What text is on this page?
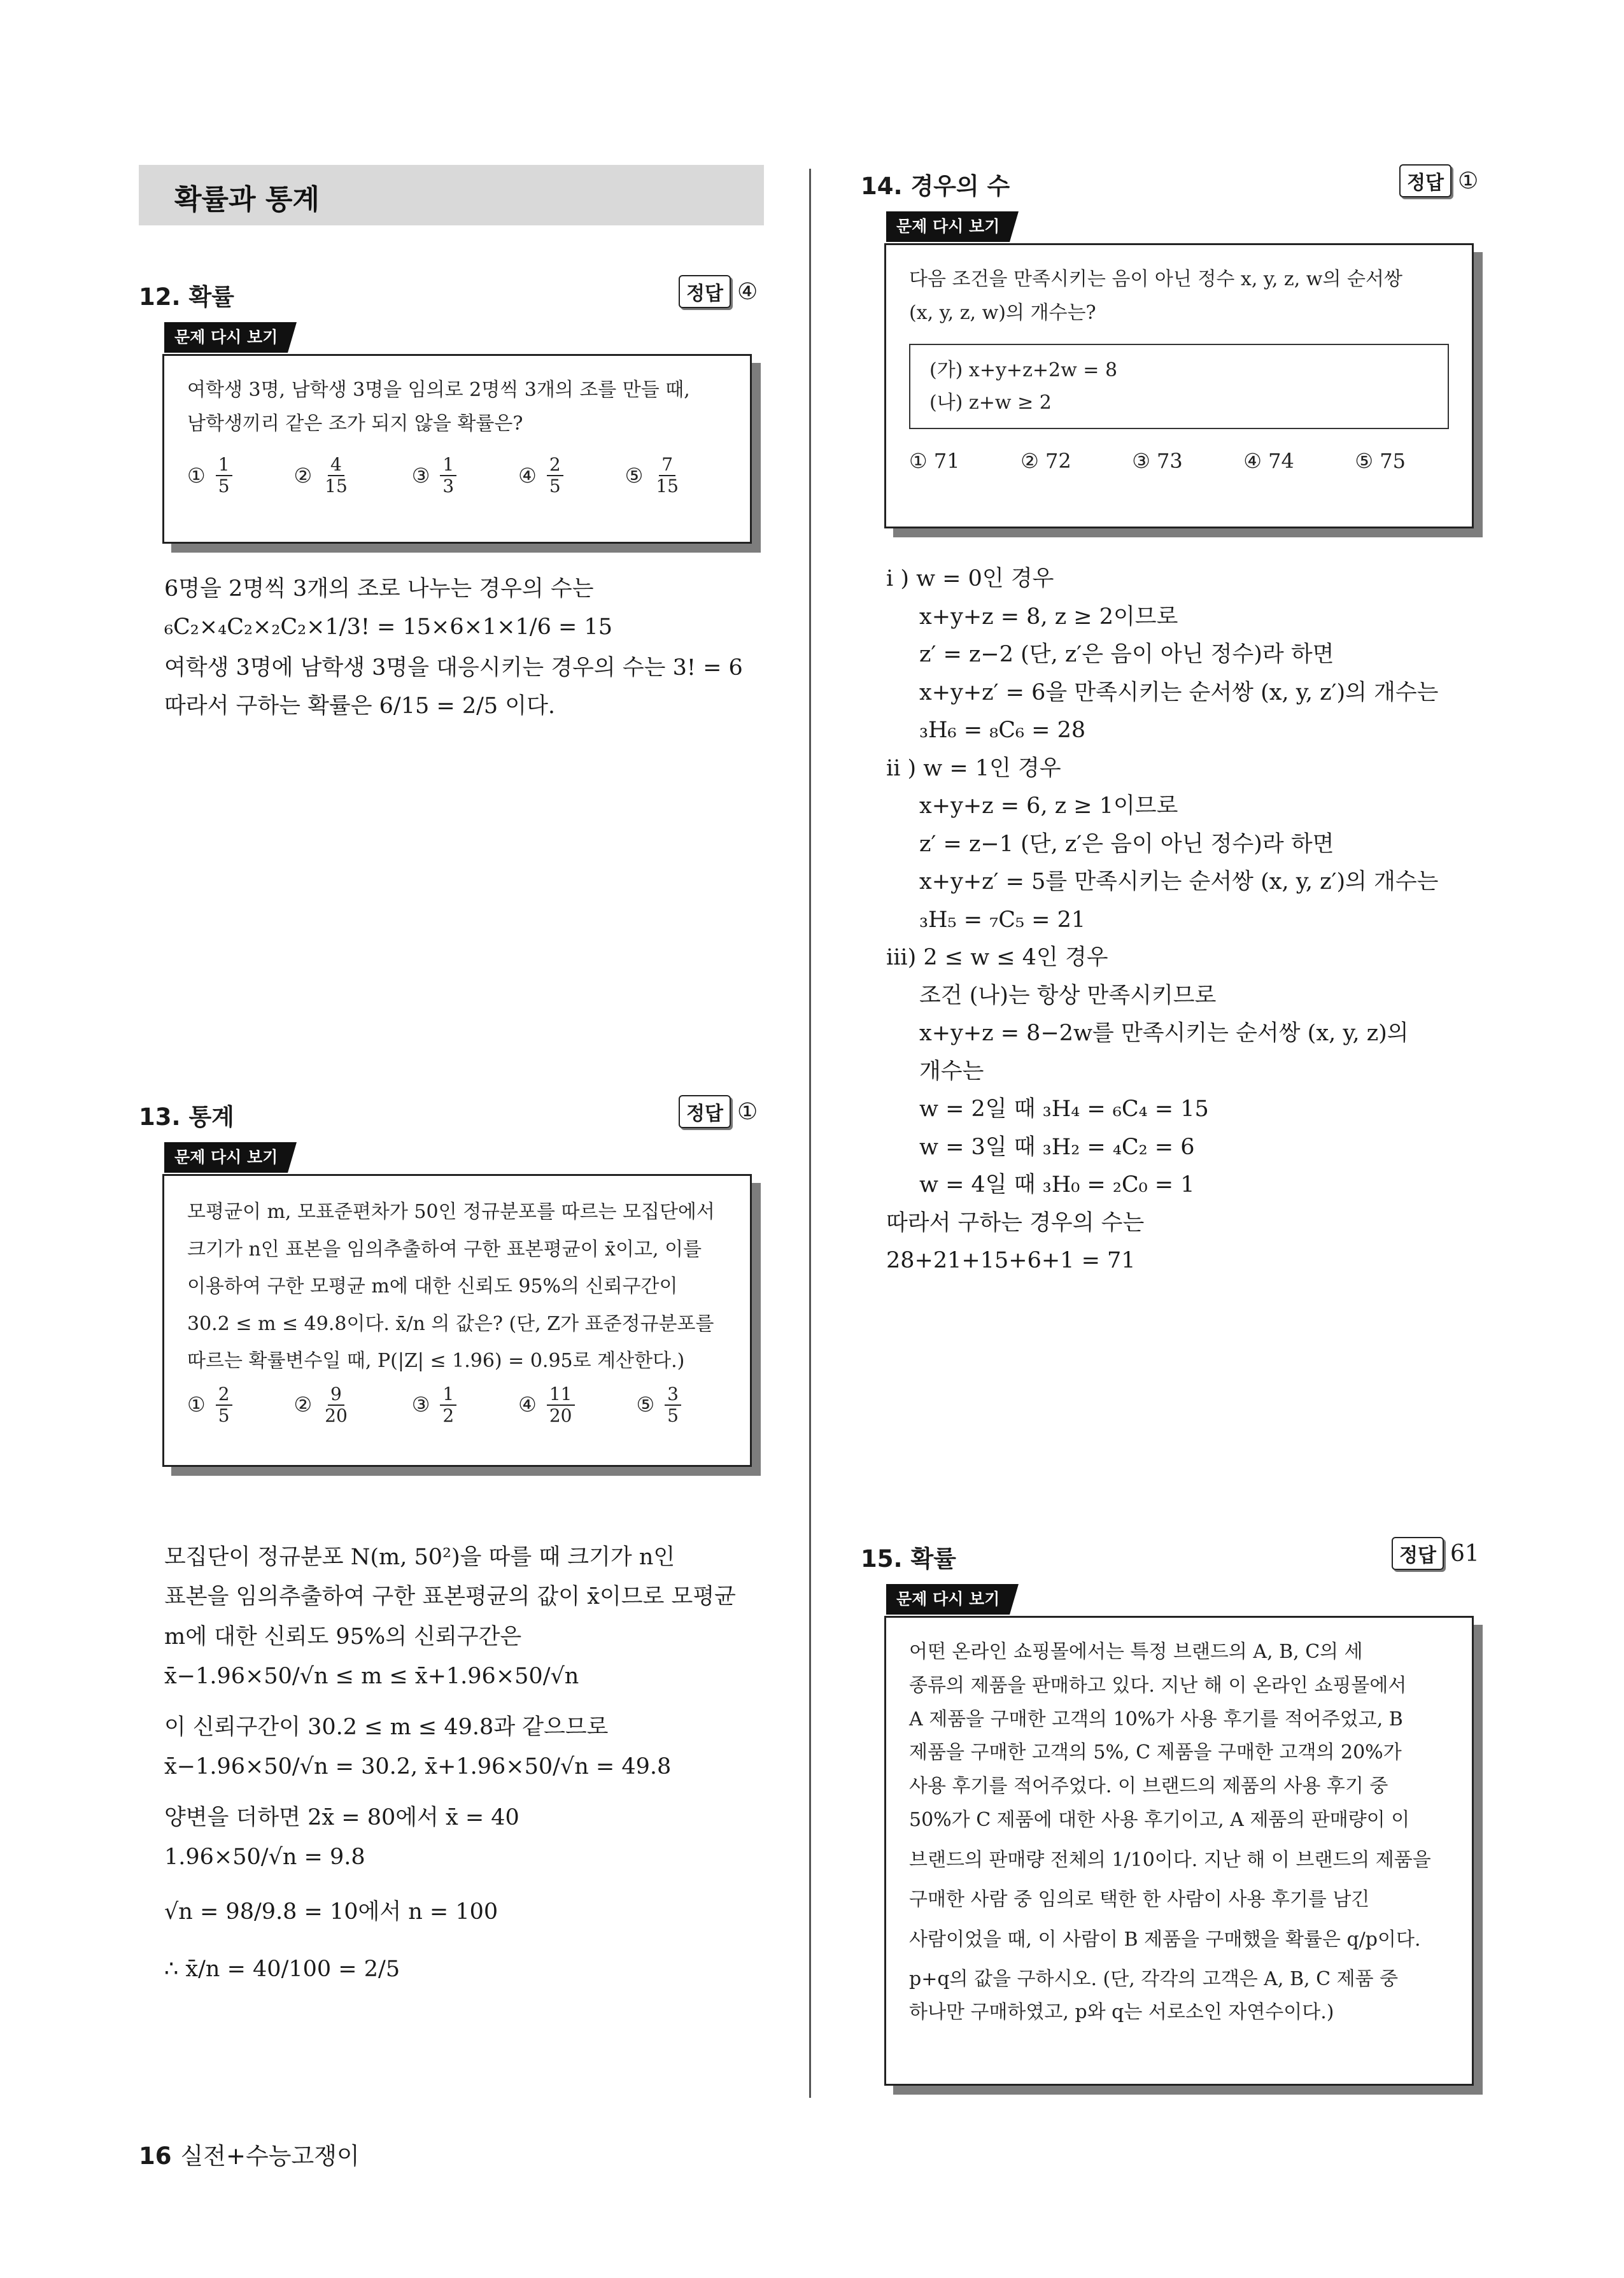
확률과 통계
12. 확률	정답 ④
문제 다시 보기
여학생 3명, 남학생 3명을 임의로 2명씩 3개의 조를 만들 때,
남학생끼리 같은 조가 되지 않을 확률은?
① $\frac{1}{5}$	② $\frac{4}{15}$	③ $\frac{1}{3}$	④ $\frac{2}{5}$	⑤ $\frac{7}{15}$
6명을 2명씩 3개의 조로 나누는 경우의 수는
₆C₂×₄C₂×₂C₂×1/3! = 15×6×1×1/6 = 15
여학생 3명에 남학생 3명을 대응시키는 경우의 수는 3! = 6
따라서 구하는 확률은 6/15 = 2/5 이다.
13. 통계	정답 ①
문제 다시 보기
모평균이 m, 모표준편차가 50인 정규분포를 따르는 모집단에서
크기가 n인 표본을 임의추출하여 구한 표본평균이 x̄이고, 이를
이용하여 구한 모평균 m에 대한 신뢰도 95%의 신뢰구간이
30.2 ≤ m ≤ 49.8이다. x̄/n 의 값은? (단, Z가 표준정규분포를
따르는 확률변수일 때, P(|Z| ≤ 1.96) = 0.95로 계산한다.)
① $\frac{2}{5}$	② $\frac{9}{20}$	③ $\frac{1}{2}$	④ $\frac{11}{20}$	⑤ $\frac{3}{5}$
모집단이 정규분포 N(m, 50²)을 따를 때 크기가 n인
표본을 임의추출하여 구한 표본평균의 값이 x̄이므로 모평균
m에 대한 신뢰도 95%의 신뢰구간은
x̄−1.96×50/√n ≤ m ≤ x̄+1.96×50/√n
이 신뢰구간이 30.2 ≤ m ≤ 49.8과 같으므로
x̄−1.96×50/√n = 30.2, x̄+1.96×50/√n = 49.8
양변을 더하면 2x̄ = 80에서 x̄ = 40
1.96×50/√n = 9.8
√n = 98/9.8 = 10에서 n = 100
∴ x̄/n = 40/100 = 2/5
14. 경우의 수	정답 ①
문제 다시 보기
다음 조건을 만족시키는 음이 아닌 정수 x, y, z, w의 순서쌍
(x, y, z, w)의 개수는?
(가) x+y+z+2w = 8
(나) z+w ≥ 2
① 71	② 72	③ 73	④ 74	⑤ 75
i ) w = 0인 경우
x+y+z = 8, z ≥ 2이므로
z′ = z−2 (단, z′은 음이 아닌 정수)라 하면
x+y+z′ = 6을 만족시키는 순서쌍 (x, y, z′)의 개수는
₃H₆ = ₈C₆ = 28
ii ) w = 1인 경우
x+y+z = 6, z ≥ 1이므로
z′ = z−1 (단, z′은 음이 아닌 정수)라 하면
x+y+z′ = 5를 만족시키는 순서쌍 (x, y, z′)의 개수는
₃H₅ = ₇C₅ = 21
iii) 2 ≤ w ≤ 4인 경우
조건 (나)는 항상 만족시키므로
x+y+z = 8−2w를 만족시키는 순서쌍 (x, y, z)의
개수는
w = 2일 때 ₃H₄ = ₆C₄ = 15
w = 3일 때 ₃H₂ = ₄C₂ = 6
w = 4일 때 ₃H₀ = ₂C₀ = 1
따라서 구하는 경우의 수는
28+21+15+6+1 = 71
15. 확률	정답 61
문제 다시 보기
어떤 온라인 쇼핑몰에서는 특정 브랜드의 A, B, C의 세
종류의 제품을 판매하고 있다. 지난 해 이 온라인 쇼핑몰에서
A 제품을 구매한 고객의 10%가 사용 후기를 적어주었고, B
제품을 구매한 고객의 5%, C 제품을 구매한 고객의 20%가
사용 후기를 적어주었다. 이 브랜드의 제품의 사용 후기 중
50%가 C 제품에 대한 사용 후기이고, A 제품의 판매량이 이
브랜드의 판매량 전체의 1/10이다. 지난 해 이 브랜드의 제품을
구매한 사람 중 임의로 택한 한 사람이 사용 후기를 남긴
사람이었을 때, 이 사람이 B 제품을 구매했을 확률은 q/p이다.
p+q의 값을 구하시오. (단, 각각의 고객은 A, B, C 제품 중
하나만 구매하였고, p와 q는 서로소인 자연수이다.)
16 실전+수능고쟁이
